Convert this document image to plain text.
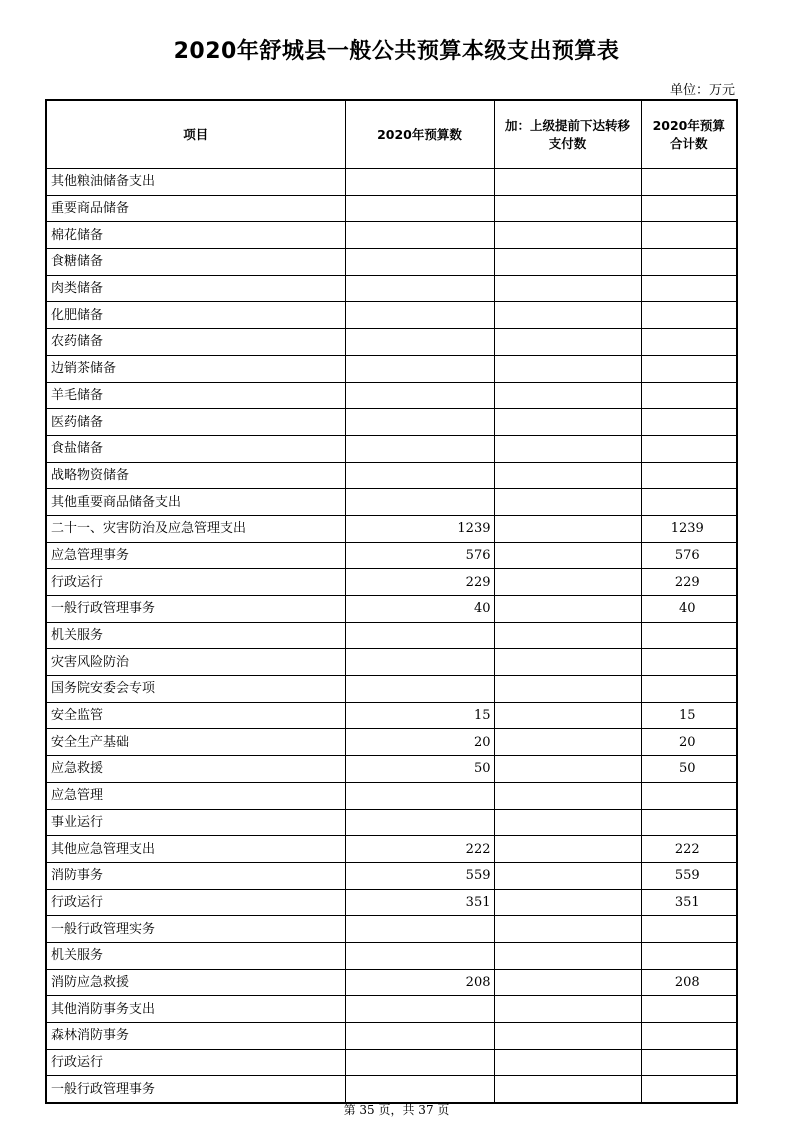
2020年舒城县一般公共预算本级支出预算表
单位：万元
项目	2020年预算数	加：上级提前下达转移支付数	2020年预算合计数
其他粮油储备支出			
重要商品储备			
棉花储备			
食糖储备			
肉类储备			
化肥储备			
农药储备			
边销茶储备			
羊毛储备			
医药储备			
食盐储备			
战略物资储备			
其他重要商品储备支出			
二十一、灾害防治及应急管理支出	1239		1239
应急管理事务	576		576
行政运行	229		229
一般行政管理事务	40		40
机关服务			
灾害风险防治			
国务院安委会专项			
安全监管	15		15
安全生产基础	20		20
应急救援	50		50
应急管理			
事业运行			
其他应急管理支出	222		222
消防事务	559		559
行政运行	351		351
一般行政管理实务			
机关服务			
消防应急救援	208		208
其他消防事务支出			
森林消防事务			
行政运行			
一般行政管理事务			
第 35 页，共 37 页
